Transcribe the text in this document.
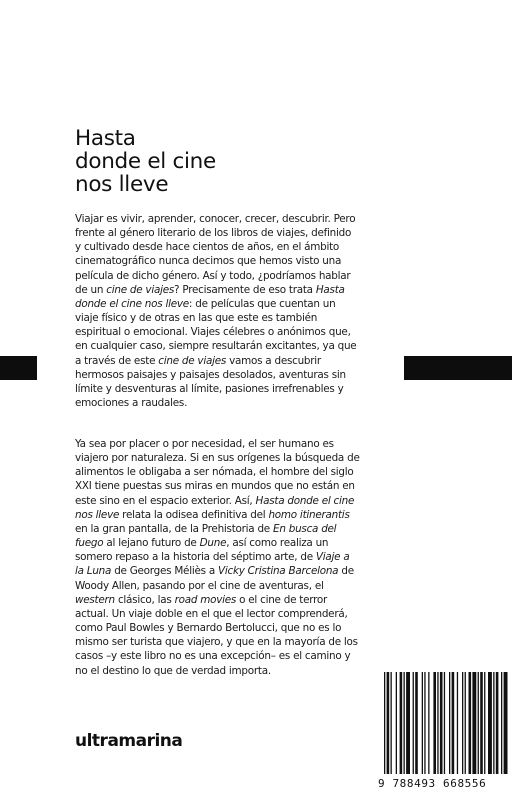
Hasta
donde el cine
nos lleve

Viajar es vivir, aprender, conocer, crecer, descubrir. Pero frente al género literario de los libros de viajes, definido y cultivado desde hace cientos de años, en el ámbito cinematográfico nunca decimos que hemos visto una película de dicho género. Así y todo, ¿podríamos hablar de un cine de viajes? Precisamente de eso trata Hasta donde el cine nos lleve: de películas que cuentan un viaje físico y de otras en las que este es también espiritual o emocional. Viajes célebres o anónimos que, en cualquier caso, siempre resultarán excitantes, ya que a través de este cine de viajes vamos a descubrir hermosos paisajes y paisajes desolados, aventuras sin límite y desventuras al límite, pasiones irrefrenables y emociones a raudales.

Ya sea por placer o por necesidad, el ser humano es viajero por naturaleza. Si en sus orígenes la búsqueda de alimentos le obligaba a ser nómada, el hombre del siglo XXI tiene puestas sus miras en mundos que no están en este sino en el espacio exterior. Así, Hasta donde el cine nos lleve relata la odisea definitiva del homo itinerantis en la gran pantalla, de la Prehistoria de En busca del fuego al lejano futuro de Dune, así como realiza un somero repaso a la historia del séptimo arte, de Viaje a la Luna de Georges Méliès a Vicky Cristina Barcelona de Woody Allen, pasando por el cine de aventuras, el western clásico, las road movies o el cine de terror actual. Un viaje doble en el que el lector comprenderá, como Paul Bowles y Bernardo Bertolucci, que no es lo mismo ser turista que viajero, y que en la mayoría de los casos –y este libro no es una excepción– es el camino y no el destino lo que de verdad importa.

ultramarina
9 788493 668556
